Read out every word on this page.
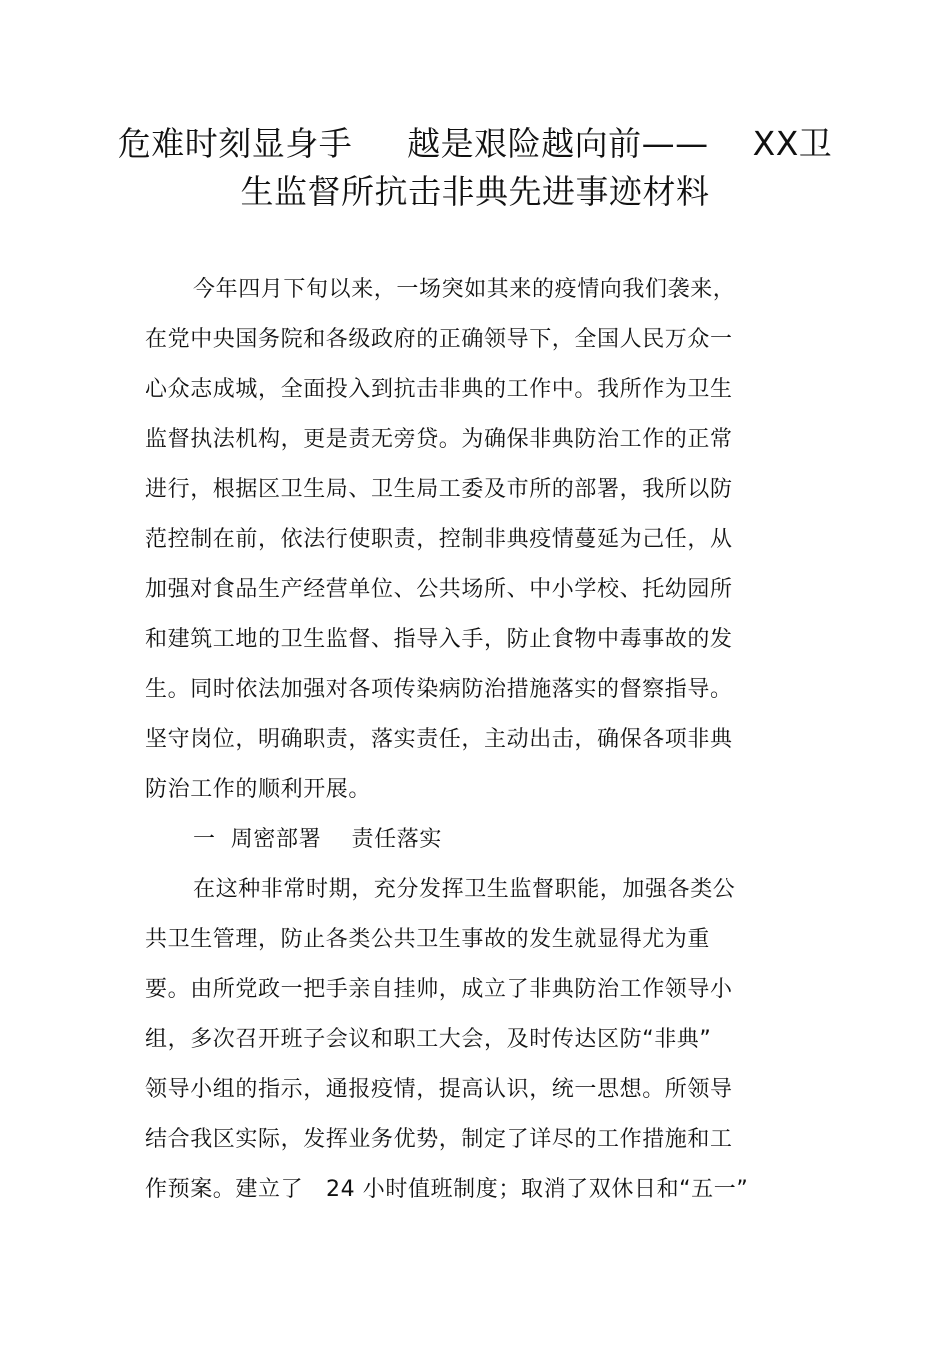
危难时刻显身手     越是艰险越向前——    XX卫
生监督所抗击非典先进事迹材料
今年四月下旬以来，一场突如其来的疫情向我们袭来，
在党中央国务院和各级政府的正确领导下，全国人民万众一
心众志成城，全面投入到抗击非典的工作中。我所作为卫生
监督执法机构，更是责无旁贷。为确保非典防治工作的正常
进行，根据区卫生局、卫生局工委及市所的部署，我所以防
范控制在前，依法行使职责，控制非典疫情蔓延为己任，从
加强对食品生产经营单位、公共场所、中小学校、托幼园所
和建筑工地的卫生监督、指导入手，防止食物中毒事故的发
生。同时依法加强对各项传染病防治措施落实的督察指导。
坚守岗位，明确职责，落实责任，主动出击，确保各项非典
防治工作的顺利开展。
一  周密部署    责任落实
在这种非常时期，充分发挥卫生监督职能，加强各类公
共卫生管理，防止各类公共卫生事故的发生就显得尤为重
要。由所党政一把手亲自挂帅，成立了非典防治工作领导小
组，多次召开班子会议和职工大会，及时传达区防“非典”
领导小组的指示，通报疫情，提高认识，统一思想。所领导
结合我区实际，发挥业务优势，制定了详尽的工作措施和工
作预案。建立了   24 小时值班制度；取消了双休日和“五一”
